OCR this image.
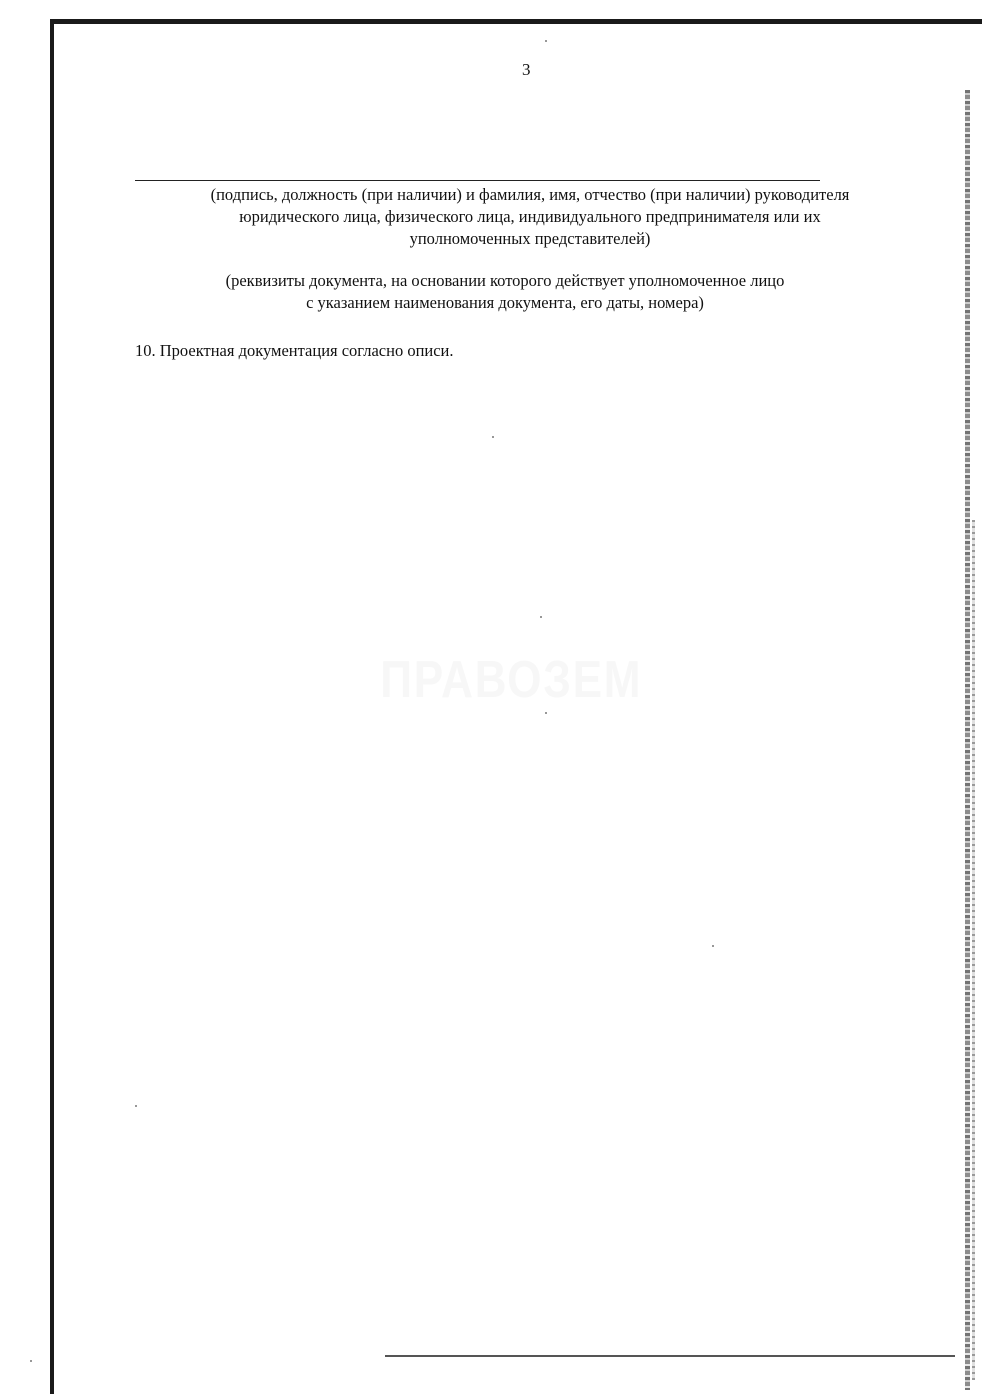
3
(подпись, должность (при наличии) и фамилия, имя, отчество (при наличии) руководителя
юридического лица, физического лица, индивидуального предпринимателя или их
уполномоченных представителей)
(реквизиты документа, на основании которого действует уполномоченное лицо
с указанием наименования документа, его даты, номера)
10. Проектная документация согласно описи.
ПРАВОЗЕМ
